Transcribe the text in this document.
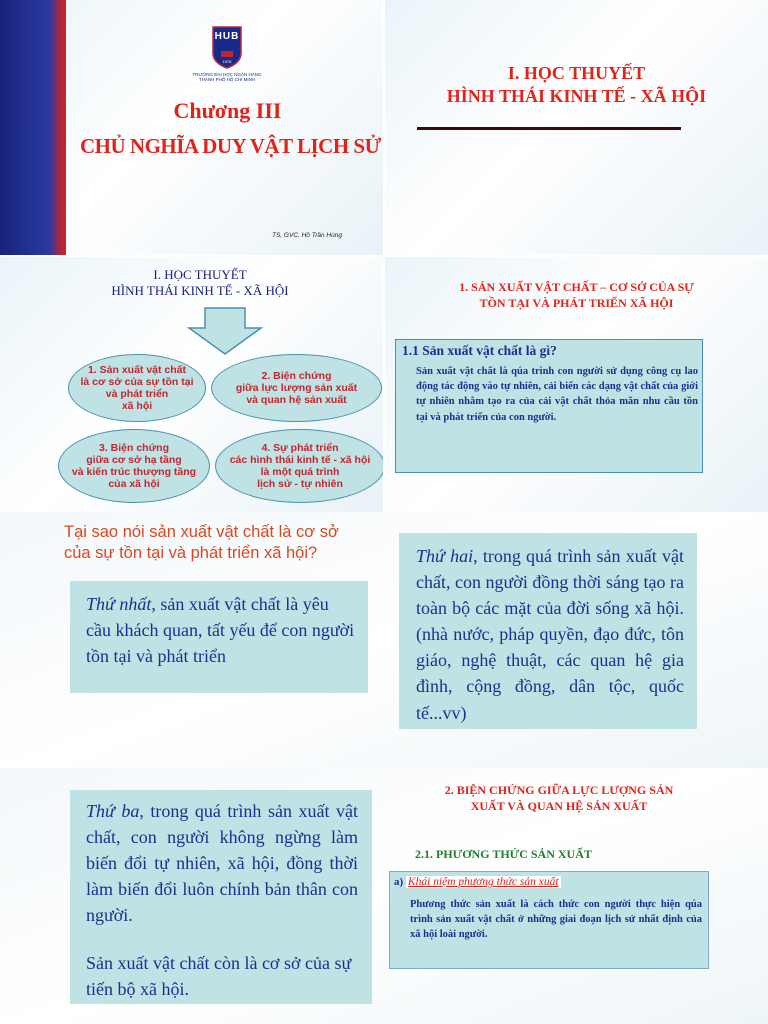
HUB
1976
TRƯỜNG ĐẠI HỌC NGÂN HÀNG
THÀNH PHỐ HỒ CHÍ MINH
Chương III
CHỦ NGHĨA DUY VẬT LỊCH SỬ
TS, GVC. Hồ Trần Hùng
I. HỌC THUYẾT
HÌNH THÁI KINH TẾ - XÃ HỘI
I. HỌC THUYẾT
HÌNH THÁI KINH TẾ - XÃ HỘI
1. Sản xuất vật chất
là cơ sở của sự tồn tại
và phát triển
xã hội
2. Biện chứng
giữa lực lượng sản xuất
và quan hệ sản xuất
3. Biện chứng
giữa cơ sở hạ tầng
và kiến trúc thượng tầng
của xã hội
4. Sự phát triển
các hình thái kinh tế - xã hội
là một quá trình
lịch sử - tự nhiên
1. SẢN XUẤT VẬT CHẤT – CƠ SỞ CỦA SỰ
TỒN TẠI VÀ PHÁT TRIỂN XÃ HỘI
1.1 Sản xuất vật chất là gì?
Sản xuất vật chất là qúa trình con người sử dụng công cụ lao động tác động vào tự nhiên, cải biến các dạng vật chất của giới tự nhiên nhằm tạo ra của cải vật chất thỏa mãn nhu cầu tồn tại và phát triển của con người.
Tại sao nói sản xuất vật chất là cơ sở
của sự tồn tại và phát triển xã hội?
Thứ nhất, sản xuất vật chất là yêu cầu khách quan, tất yếu để con người tồn tại và phát triển
Thứ hai, trong quá trình sản xuất vật chất, con người đồng thời sáng tạo ra toàn bộ các mặt của đời sống xã hội. (nhà nước, pháp quyền, đạo đức, tôn giáo, nghệ thuật, các quan hệ gia đình, cộng đồng, dân tộc, quốc tế...vv)
Thứ ba, trong quá trình sản xuất vật chất, con người không ngừng làm biến đổi tự nhiên, xã hội, đồng thời làm biến đổi luôn chính bản thân con người.
Sản xuất vật chất còn là cơ sở của sự tiến bộ xã hội.
2. BIỆN CHỨNG GIỮA LỰC LƯỢNG SẢN
XUẤT VÀ QUAN HỆ SẢN XUẤT
2.1. PHƯƠNG THỨC SẢN XUẤT
a) Khái niệm phương thức sản xuất
Phương thức sản xuất là cách thức con người thực hiện qúa trình sản xuất vật chất ở những giai đoạn lịch sử nhất định của xã hội loài người.
